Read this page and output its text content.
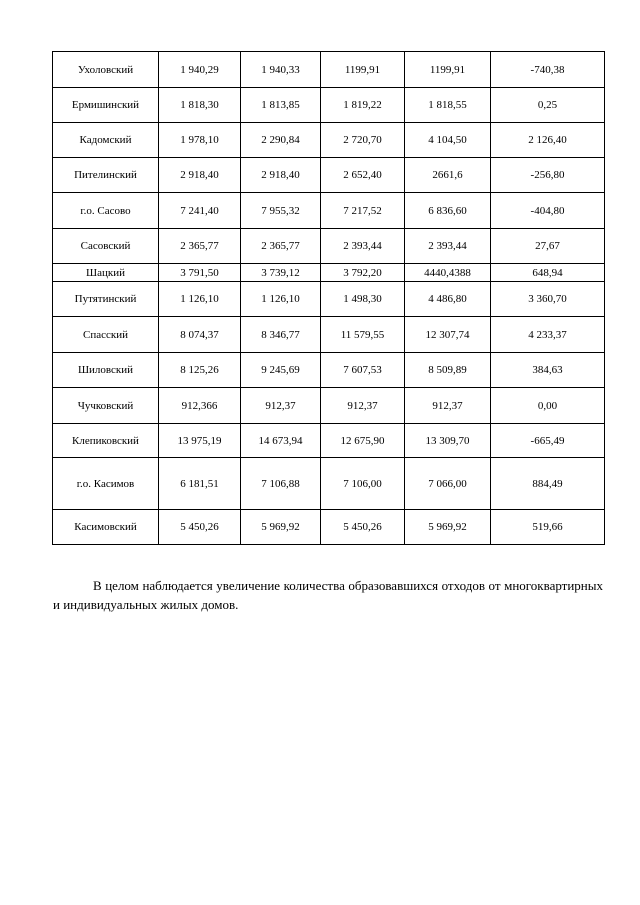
Ухоловский	1 940,29	1 940,33	1199,91	1199,91	-740,38
Ермишинский	1 818,30	1 813,85	1 819,22	1 818,55	0,25
Кадомский	1 978,10	2 290,84	2 720,70	4 104,50	2 126,40
Пителинский	2 918,40	2 918,40	2 652,40	2661,6	-256,80
г.о. Сасово	7 241,40	7 955,32	7 217,52	6 836,60	-404,80
Сасовский	2 365,77	2 365,77	2 393,44	2 393,44	27,67
Шацкий	3 791,50	3 739,12	3 792,20	4440,4388	648,94
Путятинский	1 126,10	1 126,10	1 498,30	4 486,80	3 360,70
Спасский	8 074,37	8 346,77	11 579,55	12 307,74	4 233,37
Шиловский	8 125,26	9 245,69	7 607,53	8 509,89	384,63
Чучковский	912,366	912,37	912,37	912,37	0,00
Клепиковский	13 975,19	14 673,94	12 675,90	13 309,70	-665,49
г.о. Касимов	6 181,51	7 106,88	7 106,00	7 066,00	884,49
Касимовский	5 450,26	5 969,92	5 450,26	5 969,92	519,66

В целом наблюдается увеличение количества образовавшихся отходов от многоквартирных и индивидуальных жилых домов.
